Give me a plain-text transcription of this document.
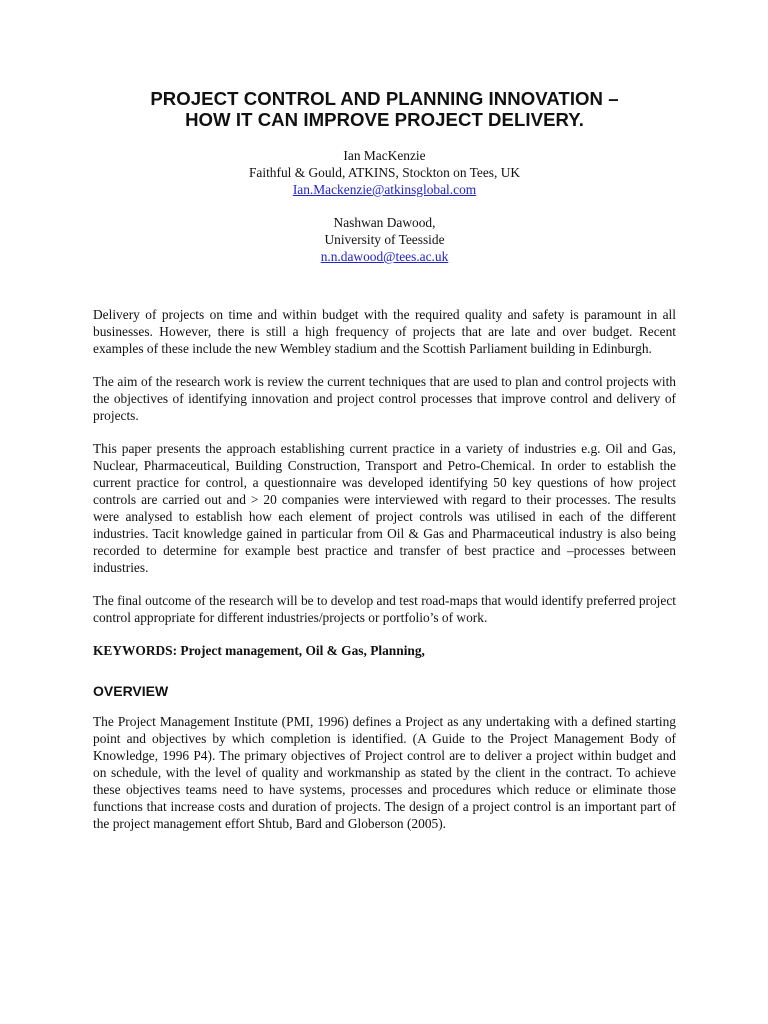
PROJECT CONTROL AND PLANNING INNOVATION –
HOW IT CAN IMPROVE PROJECT DELIVERY.
Ian MacKenzie
Faithful & Gould, ATKINS, Stockton on Tees, UK
Ian.Mackenzie@atkinsglobal.com
Nashwan Dawood,
University of Teesside
n.n.dawood@tees.ac.uk

Delivery of projects on time and within budget with the required quality and safety is paramount in all businesses. However, there is still a high frequency of projects that are late and over budget. Recent examples of these include the new Wembley stadium and the Scottish Parliament building in Edinburgh.

The aim of the research work is review the current techniques that are used to plan and control projects with the objectives of identifying innovation and project control processes that improve control and delivery of projects.

This paper presents the approach establishing current practice in a variety of industries e.g. Oil and Gas, Nuclear, Pharmaceutical, Building Construction, Transport and Petro-Chemical. In order to establish the current practice for control, a questionnaire was developed identifying 50 key questions of how project controls are carried out and > 20 companies were interviewed with regard to their processes. The results were analysed to establish how each element of project controls was utilised in each of the different industries. Tacit knowledge gained in particular from Oil & Gas and Pharmaceutical industry is also being recorded to determine for example best practice and transfer of best practice and –processes between industries.

The final outcome of the research will be to develop and test road-maps that would identify preferred project control appropriate for different industries/projects or portfolio’s of work.

KEYWORDS: Project management, Oil & Gas, Planning,
OVERVIEW

The Project Management Institute (PMI, 1996) defines a Project as any undertaking with a defined starting point and objectives by which completion is identified. (A Guide to the Project Management Body of Knowledge, 1996 P4). The primary objectives of Project control are to deliver a project within budget and on schedule, with the level of quality and workmanship as stated by the client in the contract. To achieve these objectives teams need to have systems, processes and procedures which reduce or eliminate those functions that increase costs and duration of projects. The design of a project control is an important part of the project management effort Shtub, Bard and Globerson (2005).
